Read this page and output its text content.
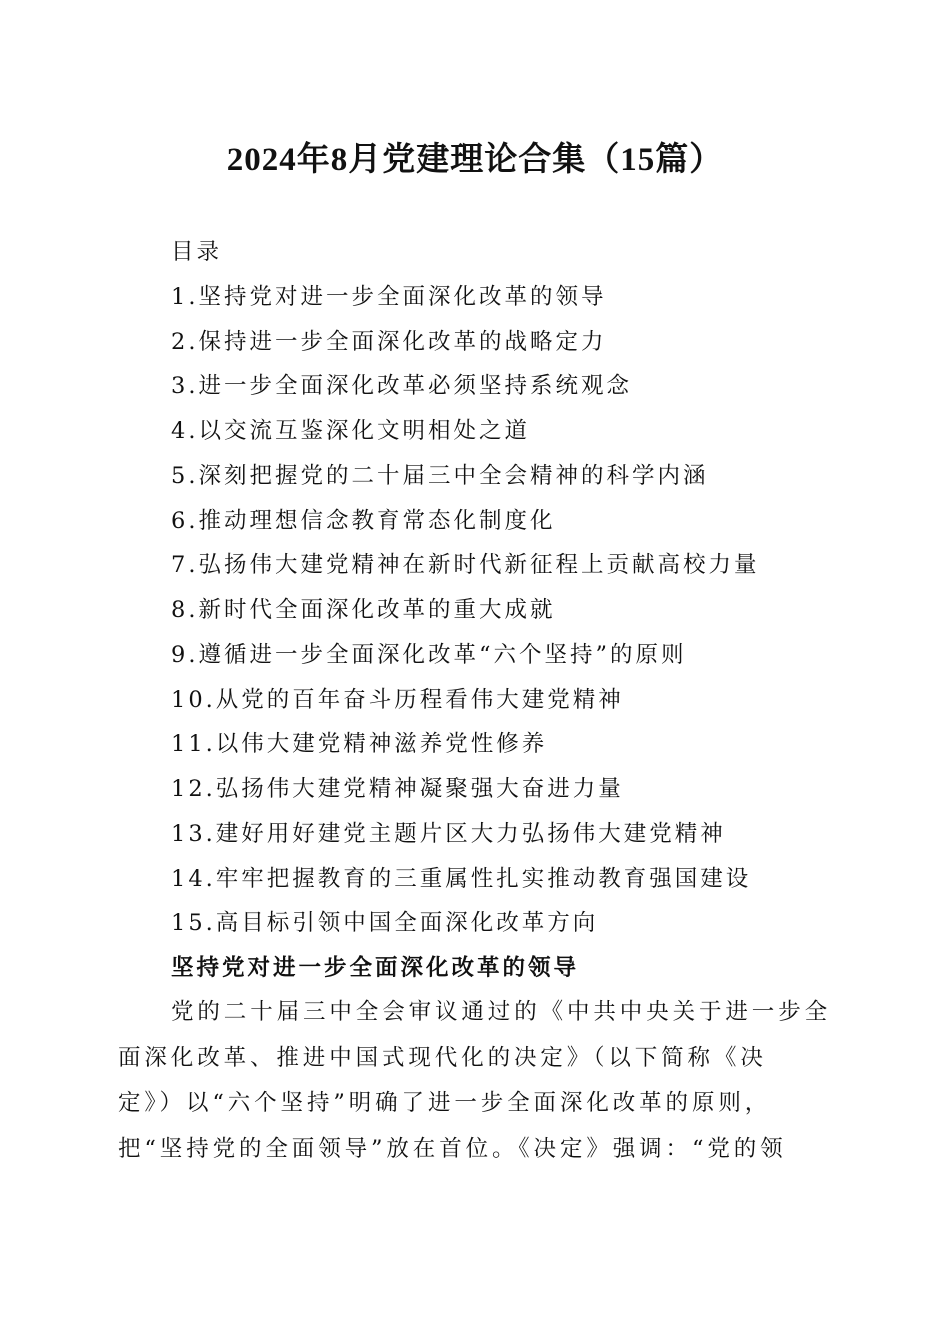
2024年8月党建理论合集（15篇）
目录
1.坚持党对进一步全面深化改革的领导
2.保持进一步全面深化改革的战略定力
3.进一步全面深化改革必须坚持系统观念
4.以交流互鉴深化文明相处之道
5.深刻把握党的二十届三中全会精神的科学内涵
6.推动理想信念教育常态化制度化
7.弘扬伟大建党精神在新时代新征程上贡献高校力量
8.新时代全面深化改革的重大成就
9.遵循进一步全面深化改革“六个坚持”的原则
10.从党的百年奋斗历程看伟大建党精神
11.以伟大建党精神滋养党性修养
12.弘扬伟大建党精神凝聚强大奋进力量
13.建好用好建党主题片区大力弘扬伟大建党精神
14.牢牢把握教育的三重属性扎实推动教育强国建设
15.高目标引领中国全面深化改革方向
坚持党对进一步全面深化改革的领导

党的二十届三中全会审议通过的《中共中央关于进一步全
面深化改革、推进中国式现代化的决定》（以下简称《决
定》）以“六个坚持”明确了进一步全面深化改革的原则，
把“坚持党的全面领导”放在首位。《决定》强调：“党的领
